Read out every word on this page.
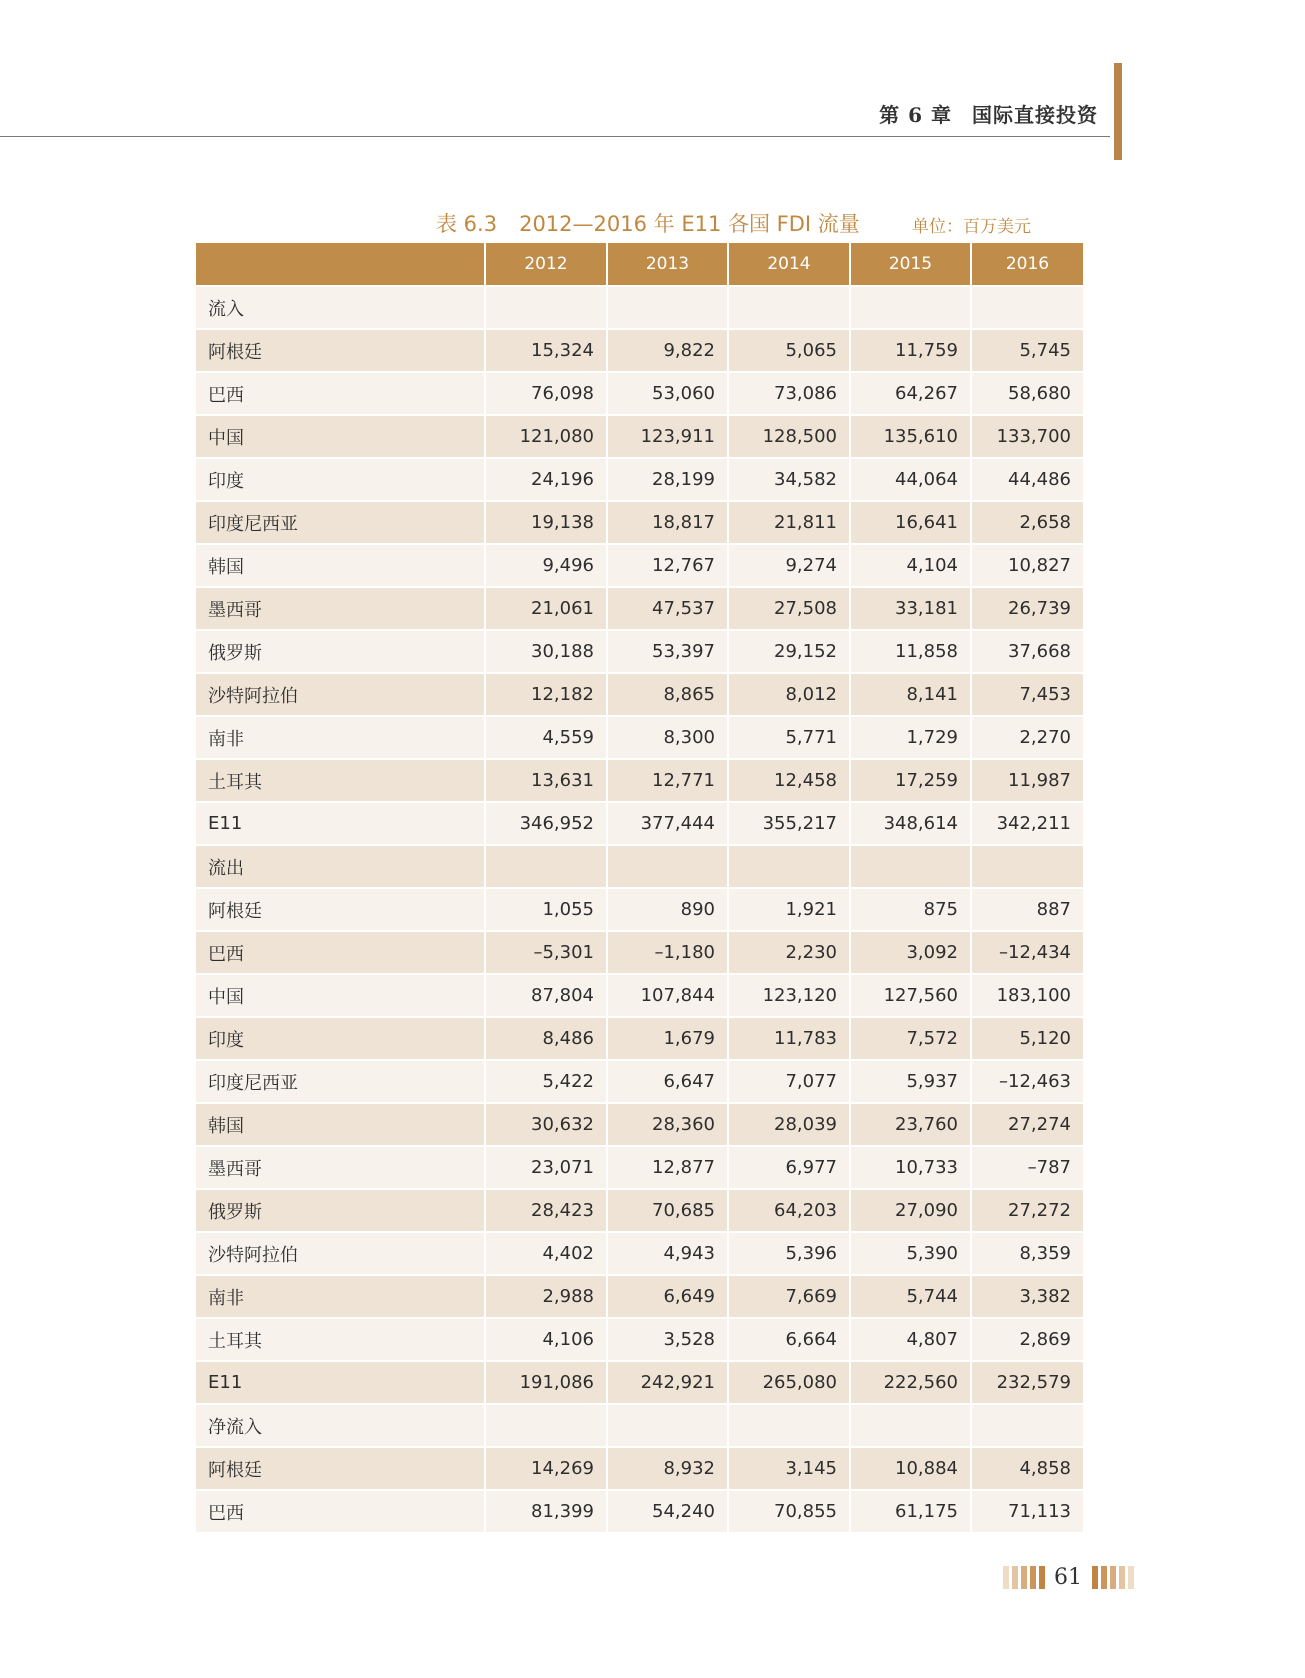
第 6 章 国际直接投资
表 6.3 2012—2016 年 E11 各国 FDI 流量	单位：百万美元
	2012	2013	2014	2015	2016
流入					
阿根廷	15,324	9,822	5,065	11,759	5,745
巴西	76,098	53,060	73,086	64,267	58,680
中国	121,080	123,911	128,500	135,610	133,700
印度	24,196	28,199	34,582	44,064	44,486
印度尼西亚	19,138	18,817	21,811	16,641	2,658
韩国	9,496	12,767	9,274	4,104	10,827
墨西哥	21,061	47,537	27,508	33,181	26,739
俄罗斯	30,188	53,397	29,152	11,858	37,668
沙特阿拉伯	12,182	8,865	8,012	8,141	7,453
南非	4,559	8,300	5,771	1,729	2,270
土耳其	13,631	12,771	12,458	17,259	11,987
E11	346,952	377,444	355,217	348,614	342,211
流出					
阿根廷	1,055	890	1,921	875	887
巴西	–5,301	–1,180	2,230	3,092	–12,434
中国	87,804	107,844	123,120	127,560	183,100
印度	8,486	1,679	11,783	7,572	5,120
印度尼西亚	5,422	6,647	7,077	5,937	–12,463
韩国	30,632	28,360	28,039	23,760	27,274
墨西哥	23,071	12,877	6,977	10,733	–787
俄罗斯	28,423	70,685	64,203	27,090	27,272
沙特阿拉伯	4,402	4,943	5,396	5,390	8,359
南非	2,988	6,649	7,669	5,744	3,382
土耳其	4,106	3,528	6,664	4,807	2,869
E11	191,086	242,921	265,080	222,560	232,579
净流入					
阿根廷	14,269	8,932	3,145	10,884	4,858
巴西	81,399	54,240	70,855	61,175	71,113
61
